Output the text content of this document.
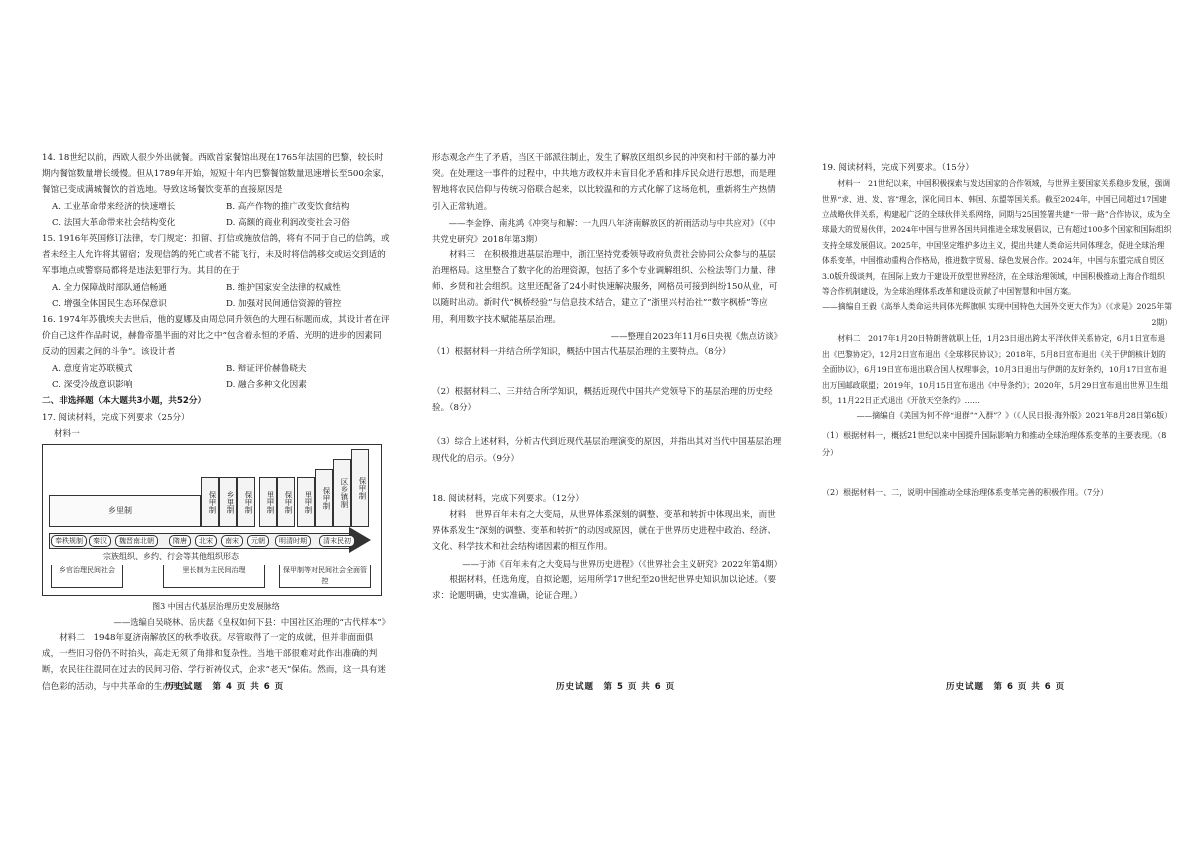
14. 18世纪以前，西欧人很少外出就餐。西欧首家餐馆出现在1765年法国的巴黎，较长时期内餐馆数量增长缓慢。但从1789年开始，短短十年内巴黎餐馆数量迅速增长至500余家，餐馆已变成满城餐饮的首选地。导致这场餐饮变革的直接原因是

A. 工业革命带来经济的快速增长	B. 高产作物的推广改变饮食结构
C. 法国大革命带来社会结构变化	D. 高额的商业利润改变社会习俗

15. 1916年英国修订法律，专门规定：扣留、打信或施放信鸽，将有不同于自己的信鸽，或者未经主人允许将其留宿；发现信鸽的死亡或者不能飞行，未及时将信鸽移交或运交到适的军事地点或警察局都将是违法犯罪行为。其目的在于

A. 全力保障战时部队通信畅通	B. 维护国家安全法律的权威性
C. 增强全体国民生态环保意识	D. 加强对民间通信资源的管控

16. 1974年苏俄埃夫去世后，他的夏娜及由周总同升领色的大理石标题而成，其设计者在评价自己这件作品时说，赫鲁帝墨半面的对比之中“包含着永恒的矛盾、光明的进步的因素同反动的因素之间的斗争”。该设计者

A. 意度肯定苏联模式	B. 辩证评价赫鲁晓夫
C. 深受冷战意识影响	D. 融合多种文化因素
二、非选择题（本大题共3小题，共52分）
17. 阅读材料，完成下列要求（25分）
材料一
乡里制	保甲制	乡里制	保甲制	里甲制	保甲制	里甲制	保甲制	区乡镇制	保甲制
奉秩规制	秦汉	魏晋南北朝	隋唐	北宋	南宋	元朝	明清时期	清末民初
宗族组织、乡约、行会等其他组织形态
乡官治理民间社会	里长制为主民间治理	保甲制等对民间社会全面管控
图3 中国古代基层治理历史发展脉络
——选编自吴晓林、岳庆磊《皇权如何下县：中国社区治理的“古代样本”》

材料二　1948年夏济南解放区的秋季收获。尽管取得了一定的成就，但并非面面俱成，一些旧习俗仍不时抬头，高走无须了角排和复杂性。当地干部很难对此作出准确的判断，农民往往混同在过去的民间习俗、学行祈祷仪式，企求“老天”保佑。然而，这一具有迷信色彩的活动，与中共革命的生产理念、

历史试题　第 4 页 共 6 页

形态观念产生了矛盾，当区干部派往制止，发生了解放区组织乡民的冲突和村干部的暴力冲突。在处理这一事件的过程中，中共地方政权并未盲目化矛盾和排斥民众进行思想，而是理智地将农民信仰与传统习俗联合起来，以比较温和的方式化解了这场危机，重新将生产热情引入正常轨道。

——李金铮、南兆鸿《冲突与和解：一九四八年济南解放区的祈雨活动与中共应对》（《中共党史研究》2018年第3期）

材料三　在积极推进基层治理中，浙江坚持党委领导政府负责社会协同公众参与的基层治理格局。这里整合了数字化的治理资源，包括了多个专业调解组织、公检法等门力量、律师、乡贤和社会组织。这里还配备了24小时快速解决服务，网格员可接到纠纷150从业，可以随时出动。新时代“枫桥经验”与信息技术结合，建立了“浙里兴村治社”“数字枫桥”等应用，利用数字技术赋能基层治理。

——整理自2023年11月6日央视《焦点访谈》
（1）根据材料一并结合所学知识，概括中国古代基层治理的主要特点。（8分）
（2）根据材料二、三并结合所学知识，概括近现代中国共产党领导下的基层治理的历史经验。（8分）
（3）综合上述材料，分析古代到近现代基层治理演变的原因，并指出其对当代中国基层治理现代化的启示。（9分）
18. 阅读材料，完成下列要求。（12分）

材料　世界百年未有之大变局，从世界体系深刻的调整、变革和转折中体现出来，而世界体系发生“深刻的调整、变革和转折”的动因或原因，就在于世界历史进程中政治、经济、文化、科学技术和社会结构诸因素的相互作用。

——于沛《百年未有之大变局与世界历史进程》（《世界社会主义研究》2022年第4期）

根据材料，任选角度，自拟论题，运用所学17世纪至20世纪世界史知识加以论述。（要求：论题明确，史实准确，论证合理。）

历史试题　第 5 页 共 6 页
19. 阅读材料，完成下列要求。（15分）

材料一　21世纪以来，中国积极探索与发达国家的合作领域，与世界主要国家关系稳步发展，强调世界“求、进、发、容”理念，深化同日本、韩国、东盟等国关系。截至2024年，中国已同超过17国建立战略伙伴关系，构建起广泛的全球伙伴关系网络，同期与25国签署共建“一带一路”合作协议，成为全球最大的贸易伙伴，2024年中国与世界各国共同推进全球发展倡议，已有超过100多个国家和国际组织支持全球发展倡议。2025年，中国坚定维护多边主义，提出共建人类命运共同体理念，促进全球治理体系变革，中国推动重构合作格局，推进数字贸易、绿色发展合作。2024年，中国与东盟完成自贸区3.0版升级谈判，在国际上致力于建设开放型世界经济，在全球治理领域，中国积极推动上海合作组织等合作机制建设，为全球治理体系改革和建设贡献了中国智慧和中国方案。

——摘编自王毅《高举人类命运共同体光辉旗帜 实现中国特色大国外交更大作为》（《求是》2025年第2期）

材料二　2017年1月20日特朗普就职上任，1月23日退出跨太平洋伙伴关系协定，6月1日宣布退出《巴黎协定》，12月2日宣布退出《全球移民协议》；2018年，5月8日宣布退出《关于伊朗核计划的全面协议》，6月19日宣布退出联合国人权理事会，10月3日退出与伊朗的友好条约，10月17日宣布退出万国邮政联盟；2019年，10月15日宣布退出《中导条约》；2020年，5月29日宣布退出世界卫生组织，11月22日正式退出《开放天空条约》……

——摘编自《美国为何不停“退群”“入群”？》（《人民日报·海外版》2021年8月28日第6版）
（1）根据材料一，概括21世纪以来中国提升国际影响力和推动全球治理体系变革的主要表现。（8分）
（2）根据材料一、二，说明中国推动全球治理体系变革完善的积极作用。（7分）
历史试题　第 6 页 共 6 页
